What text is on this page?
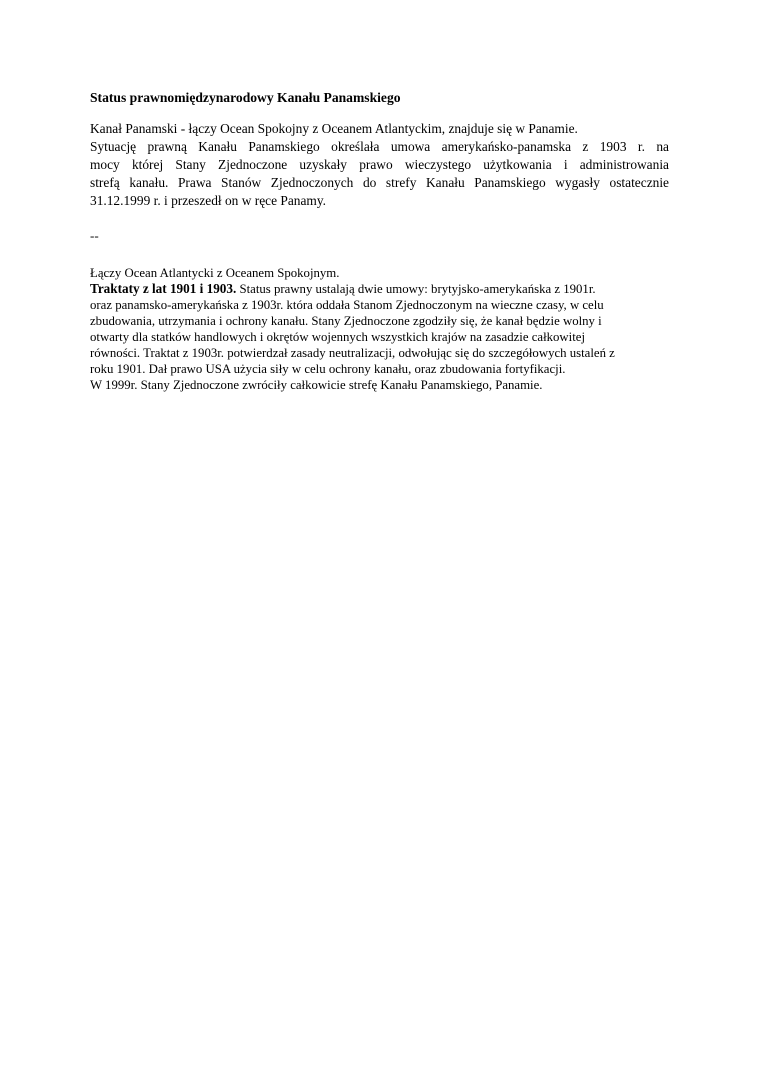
Status prawnomiędzynarodowy Kanału Panamskiego

Kanał Panamski - łączy Ocean Spokojny z Oceanem Atlantyckim, znajduje się w Panamie.
Sytuację prawną Kanału Panamskiego określała umowa amerykańsko-panamska z 1903 r. na
mocy której Stany Zjednoczone uzyskały prawo wieczystego użytkowania i administrowania
strefą kanału. Prawa Stanów Zjednoczonych do strefy Kanału Panamskiego wygasły ostatecznie
31.12.1999 r. i przeszedł on w ręce Panamy.

--

Łączy Ocean Atlantycki z Oceanem Spokojnym.
Traktaty z lat 1901 i 1903. Status prawny ustalają dwie umowy: brytyjsko-amerykańska z 1901r.
oraz panamsko-amerykańska z 1903r. która oddała Stanom Zjednoczonym na wieczne czasy, w celu
zbudowania, utrzymania i ochrony kanału. Stany Zjednoczone zgodziły się, że kanał będzie wolny i
otwarty dla statków handlowych i okrętów wojennych wszystkich krajów na zasadzie całkowitej
równości. Traktat z 1903r. potwierdzał zasady neutralizacji, odwołując się do szczegółowych ustaleń z
roku 1901. Dał prawo USA użycia siły w celu ochrony kanału, oraz zbudowania fortyfikacji.
W 1999r. Stany Zjednoczone zwróciły całkowicie strefę Kanału Panamskiego, Panamie.
